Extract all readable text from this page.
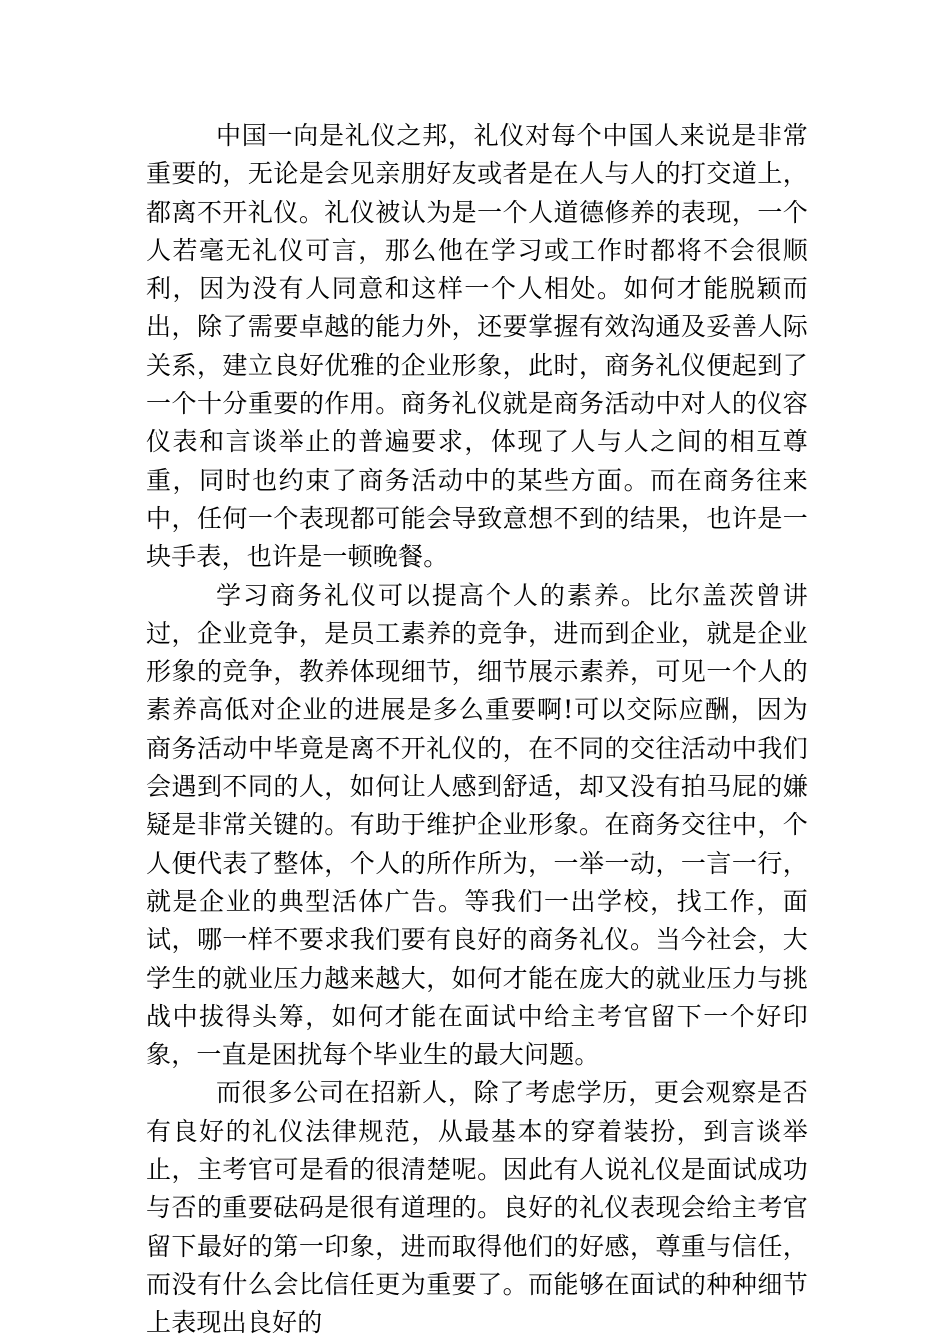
中国一向是礼仪之邦，礼仪对每个中国人来说是非常重要的，无论是会见亲朋好友或者是在人与人的打交道上，都离不开礼仪。礼仪被认为是一个人道德修养的表现，一个人若毫无礼仪可言，那么他在学习或工作时都将不会很顺利，因为没有人同意和这样一个人相处。如何才能脱颖而出，除了需要卓越的能力外，还要掌握有效沟通及妥善人际关系，建立良好优雅的企业形象，此时，商务礼仪便起到了一个十分重要的作用。商务礼仪就是商务活动中对人的仪容仪表和言谈举止的普遍要求，体现了人与人之间的相互尊重，同时也约束了商务活动中的某些方面。而在商务往来中，任何一个表现都可能会导致意想不到的结果，也许是一块手表，也许是一顿晚餐。

学习商务礼仪可以提高个人的素养。比尔盖茨曾讲过，企业竞争，是员工素养的竞争，进而到企业，就是企业形象的竞争，教养体现细节，细节展示素养，可见一个人的素养高低对企业的进展是多么重要啊!可以交际应酬，因为商务活动中毕竟是离不开礼仪的，在不同的交往活动中我们会遇到不同的人，如何让人感到舒适，却又没有拍马屁的嫌疑是非常关键的。有助于维护企业形象。在商务交往中，个人便代表了整体，个人的所作所为，一举一动，一言一行，就是企业的典型活体广告。等我们一出学校，找工作，面试，哪一样不要求我们要有良好的商务礼仪。当今社会，大学生的就业压力越来越大，如何才能在庞大的就业压力与挑战中拔得头筹，如何才能在面试中给主考官留下一个好印象，一直是困扰每个毕业生的最大问题。

而很多公司在招新人，除了考虑学历，更会观察是否有良好的礼仪法律规范，从最基本的穿着装扮，到言谈举止，主考官可是看的很清楚呢。因此有人说礼仪是面试成功与否的重要砝码是很有道理的。良好的礼仪表现会给主考官留下最好的第一印象，进而取得他们的好感，尊重与信任，而没有什么会比信任更为重要了。而能够在面试的种种细节上表现出良好的
